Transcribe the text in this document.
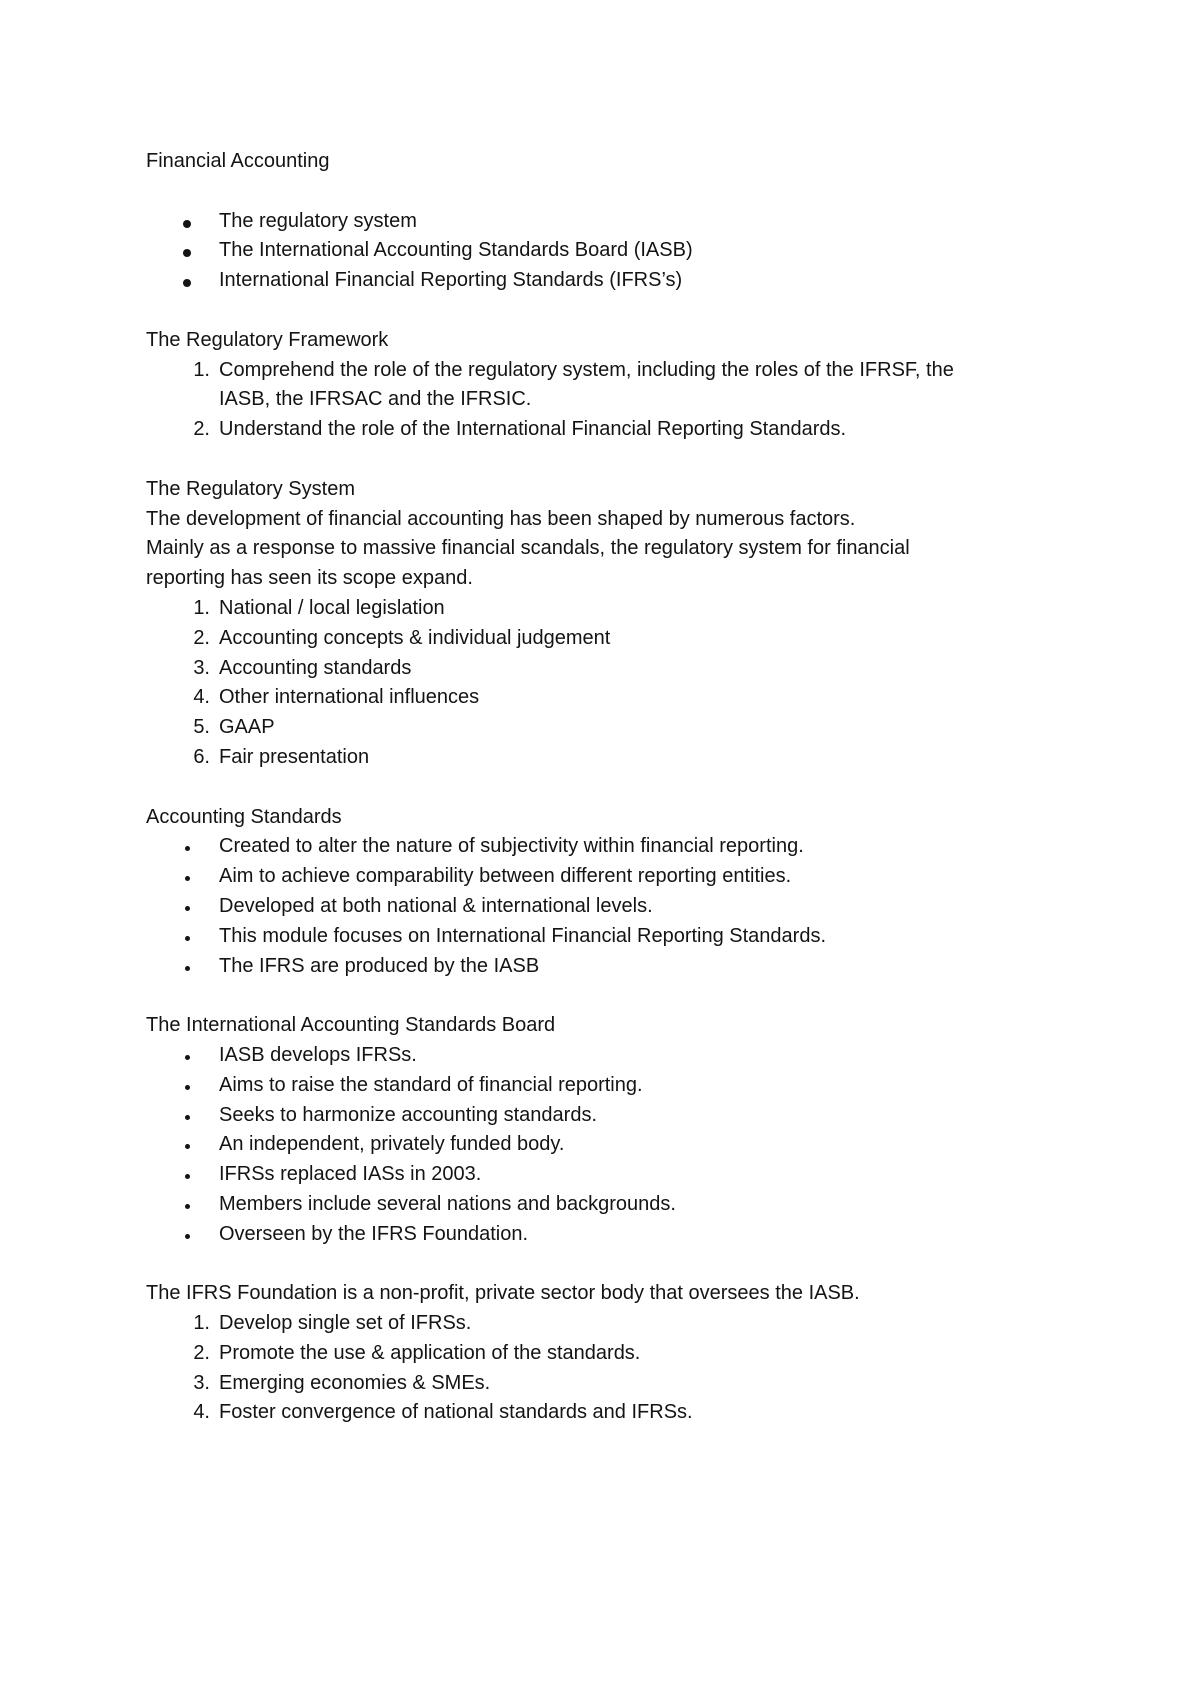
Financial Accounting

The regulatory system
The International Accounting Standards Board (IASB)
International Financial Reporting Standards (IFRS’s)

The Regulatory Framework

1. Comprehend the role of the regulatory system, including the roles of the IFRSF, the
IASB, the IFRSAC and the IFRSIC.
2. Understand the role of the International Financial Reporting Standards.

The Regulatory System

The development of financial accounting has been shaped by numerous factors.

Mainly as a response to massive financial scandals, the regulatory system for financial

reporting has seen its scope expand.

1. National / local legislation
2. Accounting concepts & individual judgement
3. Accounting standards
4. Other international influences
5. GAAP
6. Fair presentation

Accounting Standards

Created to alter the nature of subjectivity within financial reporting.
Aim to achieve comparability between different reporting entities.
Developed at both national & international levels.
This module focuses on International Financial Reporting Standards.
The IFRS are produced by the IASB

The International Accounting Standards Board

IASB develops IFRSs.
Aims to raise the standard of financial reporting.
Seeks to harmonize accounting standards.
An independent, privately funded body.
IFRSs replaced IASs in 2003.
Members include several nations and backgrounds.
Overseen by the IFRS Foundation.

The IFRS Foundation is a non-profit, private sector body that oversees the IASB.

1. Develop single set of IFRSs.
2. Promote the use & application of the standards.
3. Emerging economies & SMEs.
4. Foster convergence of national standards and IFRSs.
